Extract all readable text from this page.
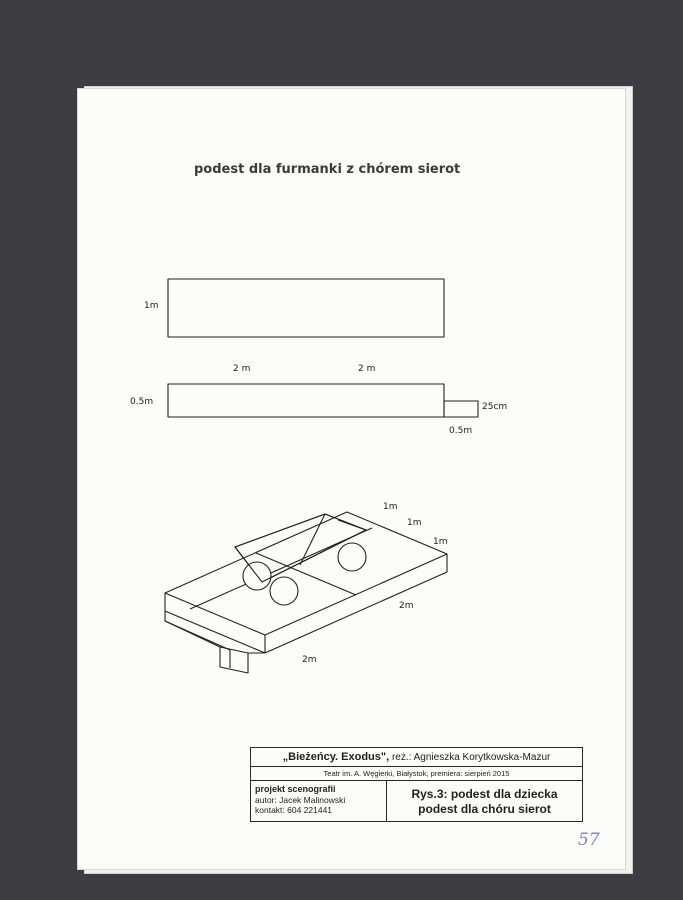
podest dla furmanki z chórem sierot
1m
2 m	2 m
0.5m	25cm
0.5m
1m
1m
1m
2m
2m
„Bieżeńcy. Exodus", reż.: Agnieszka Korytkowska-Mazur
Teatr im. A. Węgierki, Białystok, premiera: sierpień 2015
projekt scenografii
autor: Jacek Malinowski
kontakt: 604 221441
Rys.3: podest dla dziecka
podest dla chóru sierot
57
